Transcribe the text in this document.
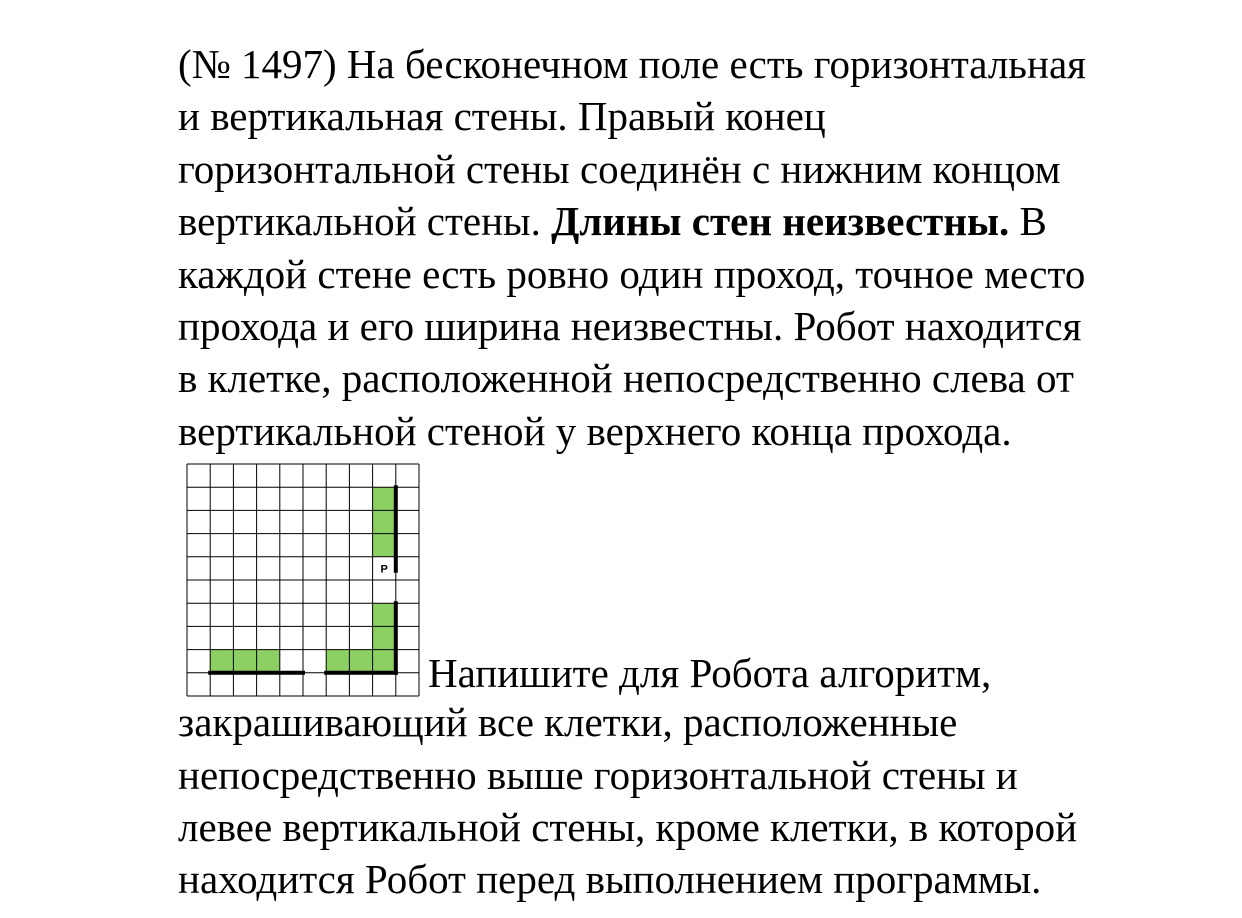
(№ 1497) На бесконечном поле есть горизонтальная
и вертикальная стены. Правый конец
горизонтальной стены соединён с нижним концом
вертикальной стены. Длины стен неизвестны. В
каждой стене есть ровно один проход, точное место
прохода и его ширина неизвестны. Робот находится
в клетке, расположенной непосредственно слева от
вертикальной стеной у верхнего конца прохода.
Р
Напишите для Робота алгоритм,
закрашивающий все клетки, расположенные
непосредственно выше горизонтальной стены и
левее вертикальной стены, кроме клетки, в которой
находится Робот перед выполнением программы.
